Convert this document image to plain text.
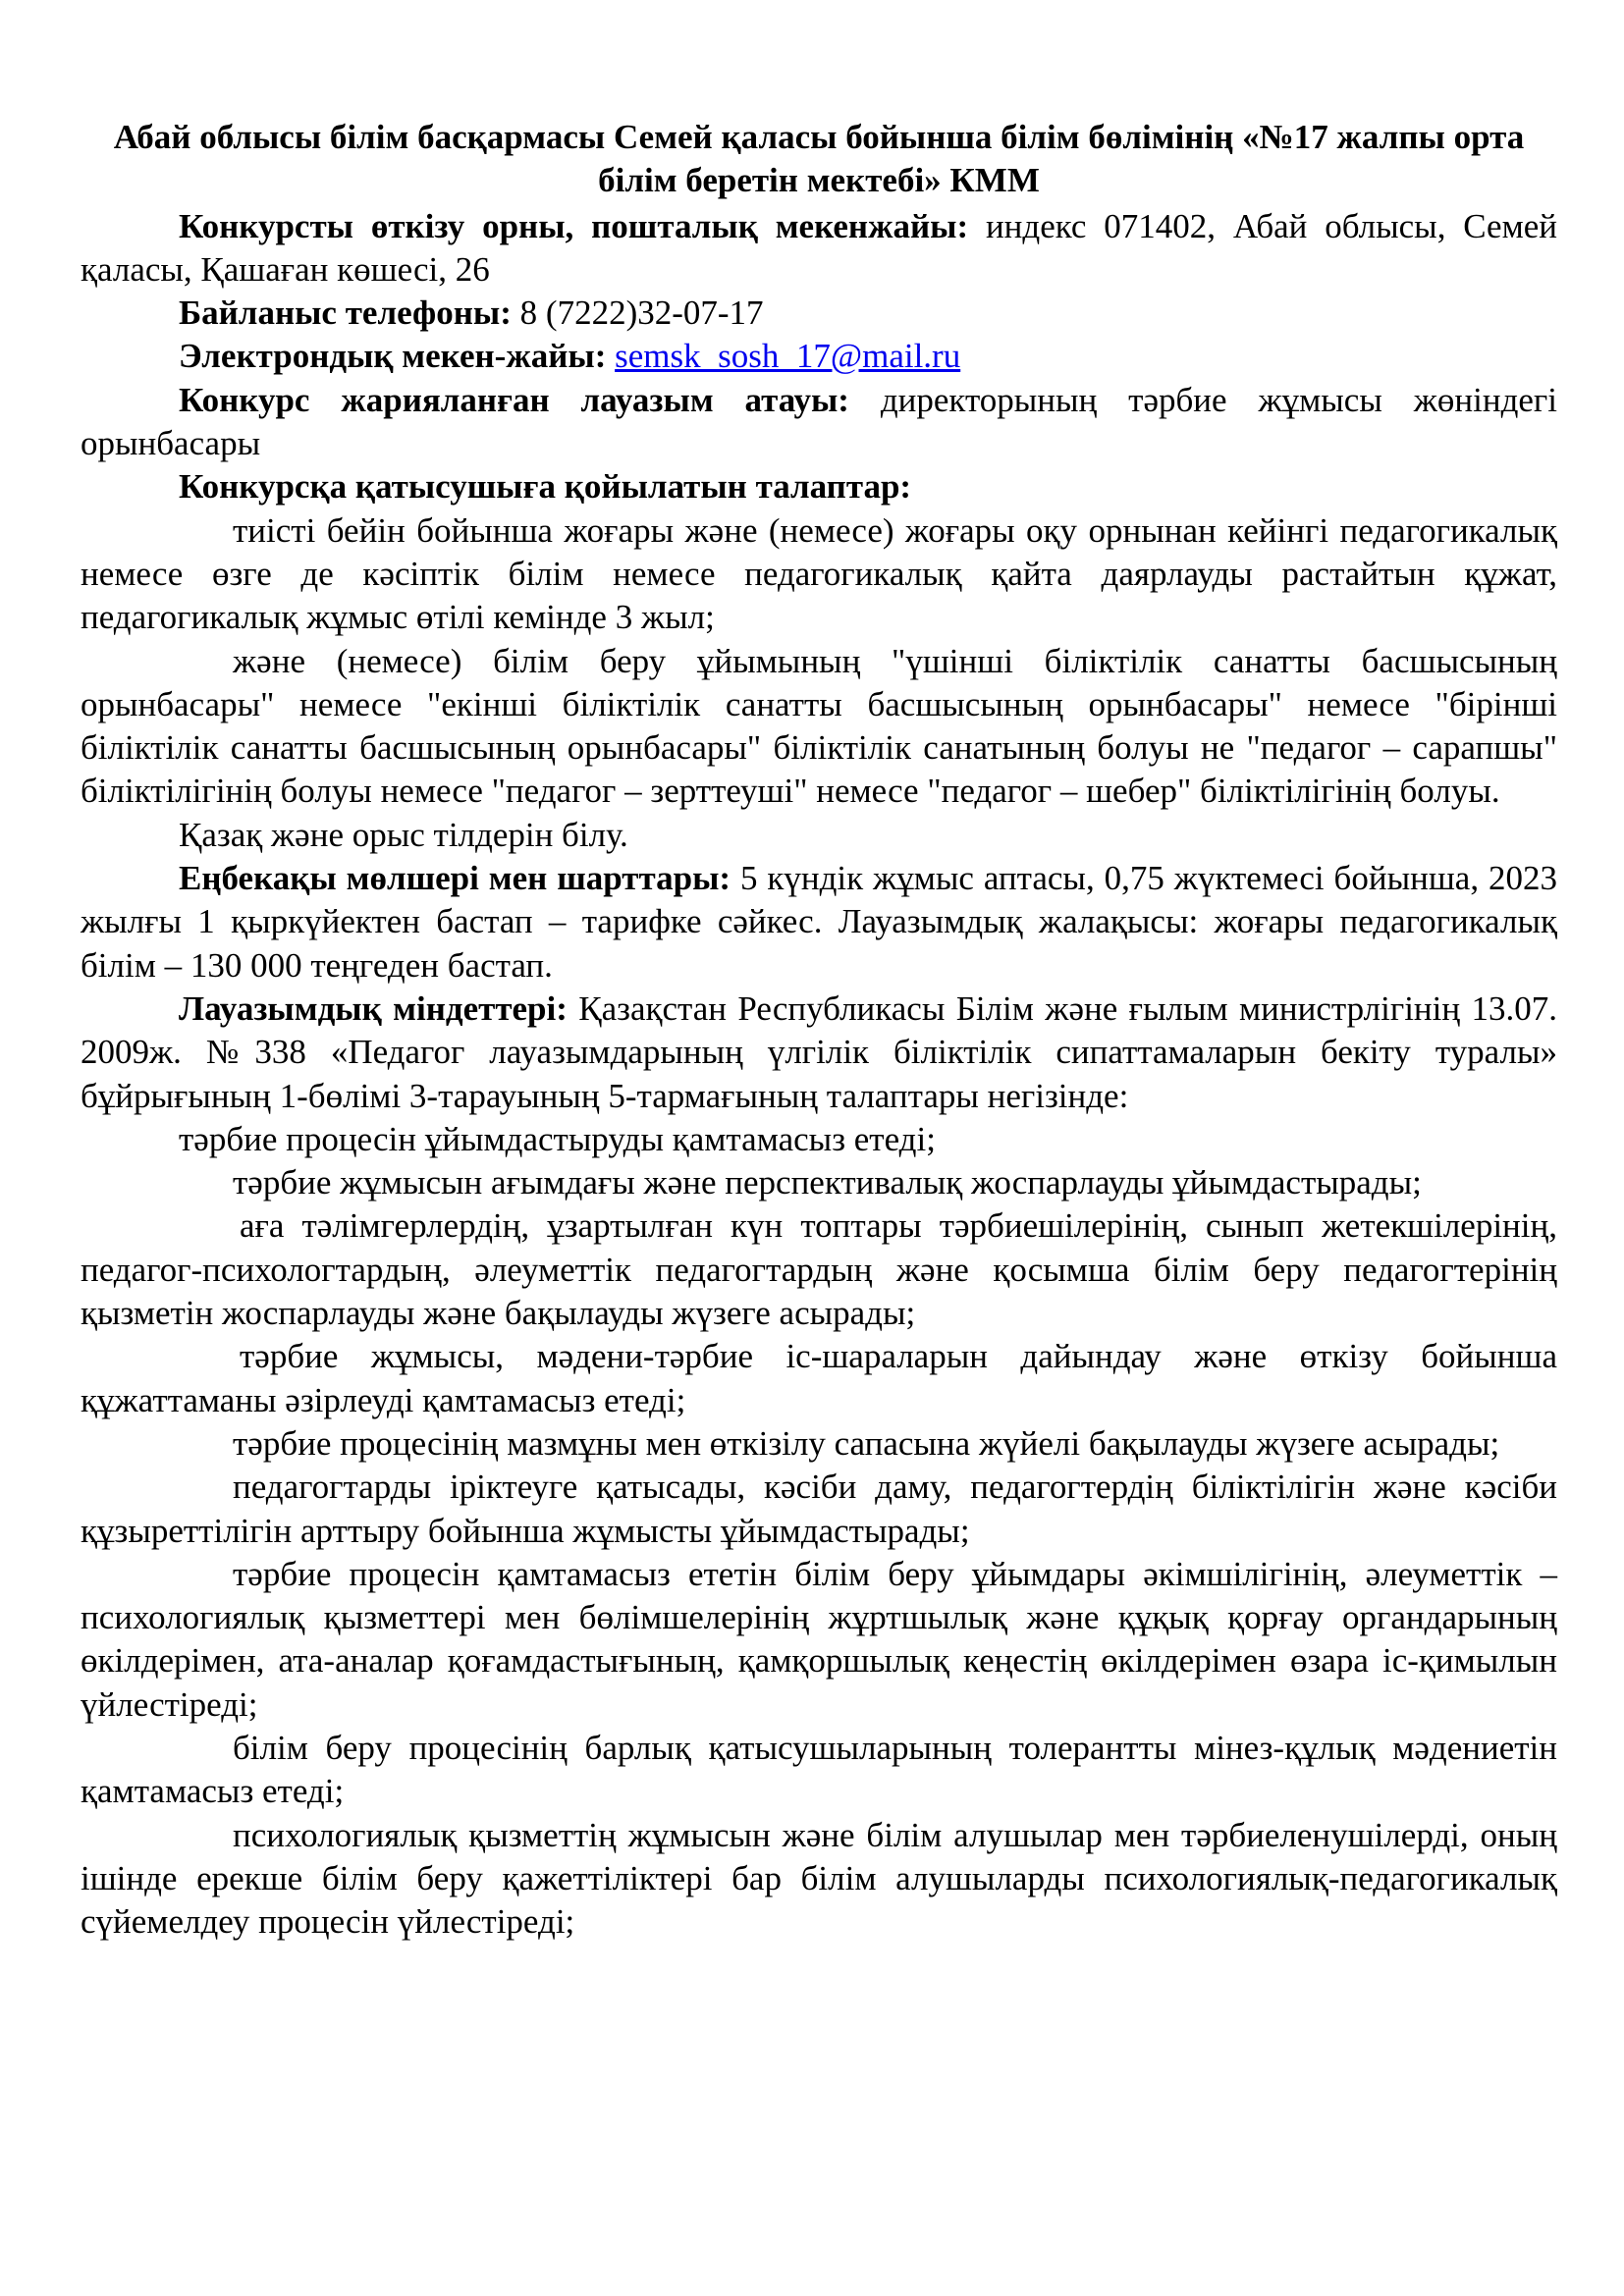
Абай облысы білім басқармасы Семей қаласы бойынша білім бөлімінің «№17 жалпы орта білім беретін мектебі» КММ

Конкурсты өткізу орны, пошталық мекенжайы: индекс 071402, Абай облысы, Семей қаласы, Қашаған көшесі, 26

Байланыс телефоны: 8 (7222)32-07-17

Электрондық мекен-жайы: semsk_sosh_17@mail.ru

Конкурс жарияланған лауазым атауы: директорының тәрбие жұмысы жөніндегі орынбасары

Конкурсқа қатысушыға қойылатын талаптар:

тиісті бейін бойынша жоғары және (немесе) жоғары оқу орнынан кейінгі педагогикалық немесе өзге де кәсіптік білім немесе педагогикалық қайта даярлауды растайтын құжат, педагогикалық жұмыс өтілі кемінде 3 жыл;

және (немесе) білім беру ұйымының "үшінші біліктілік санатты басшысының орынбасары" немесе "екінші біліктілік санатты басшысының орынбасары" немесе "бірінші біліктілік санатты басшысының орынбасары" біліктілік санатының болуы не "педагог – сарапшы" біліктілігінің болуы немесе "педагог – зерттеуші" немесе "педагог – шебер" біліктілігінің болуы.

Қазақ және орыс тілдерін білу.

Еңбекақы мөлшері мен шарттары: 5 күндік жұмыс аптасы, 0,75 жүктемесі бойынша, 2023 жылғы 1 қыркүйектен бастап – тарифке сәйкес. Лауазымдық жалақысы: жоғары педагогикалық білім – 130 000 теңгеден бастап.

Лауазымдық міндеттері: Қазақстан Республикасы Білім және ғылым министрлігінің 13.07. 2009ж. №338 «Педагог лауазымдарының үлгілік біліктілік сипаттамаларын бекіту туралы» бұйрығының 1-бөлімі 3-тарауының 5-тармағының талаптары негізінде:

тәрбие процесін ұйымдастыруды қамтамасыз етеді;

тәрбие жұмысын ағымдағы және перспективалық жоспарлауды ұйымдастырады;

аға тәлімгерлердің, ұзартылған күн топтары тәрбиешілерінің, сынып жетекшілерінің, педагог-психологтардың, әлеуметтік педагогтардың және қосымша білім беру педагогтерінің қызметін жоспарлауды және бақылауды жүзеге асырады;

тәрбие жұмысы, мәдени-тәрбие іс-шараларын дайындау және өткізу бойынша құжаттаманы әзірлеуді қамтамасыз етеді;

тәрбие процесінің мазмұны мен өткізілу сапасына жүйелі бақылауды жүзеге асырады;

педагогтарды іріктеуге қатысады, кәсіби даму, педагогтердің біліктілігін және кәсіби құзыреттілігін арттыру бойынша жұмысты ұйымдастырады;

тәрбие процесін қамтамасыз ететін білім беру ұйымдары әкімшілігінің, әлеуметтік – психологиялық қызметтері мен бөлімшелерінің жұртшылық және құқық қорғау органдарының өкілдерімен, ата-аналар қоғамдастығының, қамқоршылық кеңестің өкілдерімен өзара іс-қимылын үйлестіреді;

білім беру процесінің барлық қатысушыларының толерантты мінез-құлық мәдениетін қамтамасыз етеді;

психологиялық қызметтің жұмысын және білім алушылар мен тәрбиеленушілерді, оның ішінде ерекше білім беру қажеттіліктері бар білім алушыларды психологиялық-педагогикалық сүйемелдеу процесін үйлестіреді;
